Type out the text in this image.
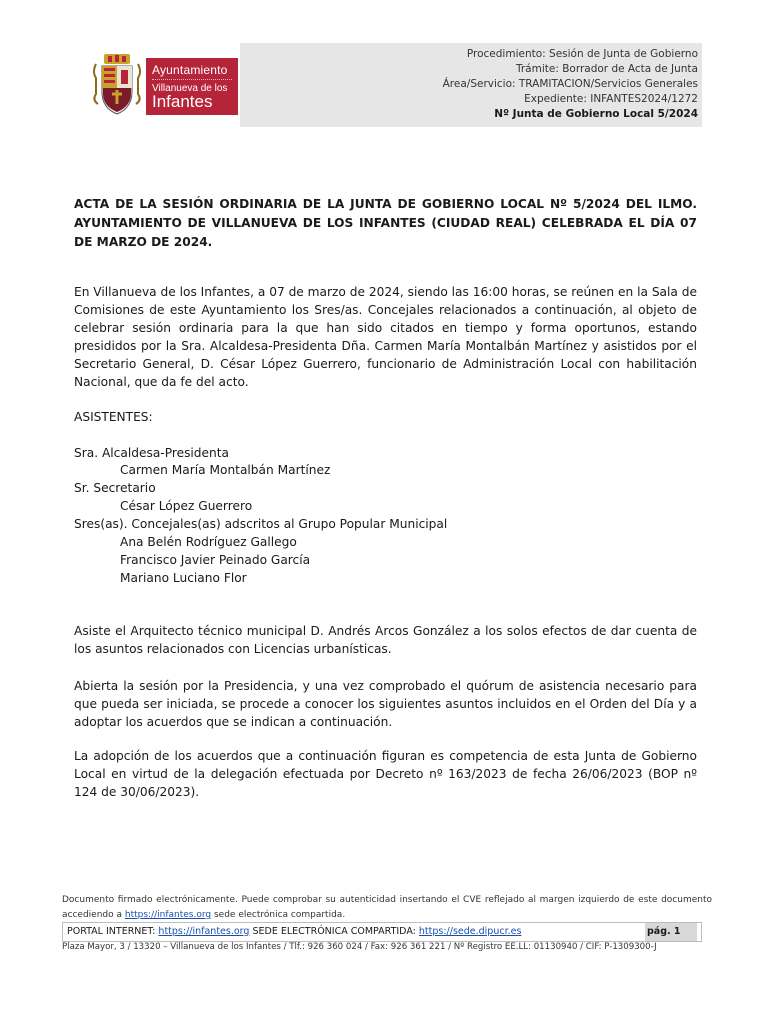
Ayuntamiento
Villanueva de los
Infantes
Procedimiento: Sesión de Junta de Gobierno
Trámite: Borrador de Acta de Junta
Área/Servicio: TRAMITACION/Servicios Generales
Expediente: INFANTES2024/1272
Nº Junta de Gobierno Local 5/2024
ACTA DE LA SESIÓN ORDINARIA DE LA JUNTA DE GOBIERNO LOCAL Nº 5/2024 DEL ILMO. AYUNTAMIENTO DE VILLANUEVA DE LOS INFANTES (CIUDAD REAL) CELEBRADA EL DÍA 07 DE MARZO DE 2024.
En Villanueva de los Infantes, a 07 de marzo de 2024, siendo las 16:00 horas, se reúnen en la Sala de Comisiones de este Ayuntamiento los Sres/as. Concejales relacionados a continuación, al objeto de celebrar sesión ordinaria para la que han sido citados en tiempo y forma oportunos, estando presididos por la Sra. Alcaldesa-Presidenta Dña. Carmen María Montalbán Martínez y asistidos por el Secretario General, D. César López Guerrero, funcionario de Administración Local con habilitación Nacional, que da fe del acto.
ASISTENTES:
Sra. Alcaldesa-Presidenta
Carmen María Montalbán Martínez
Sr. Secretario
César López Guerrero
Sres(as). Concejales(as) adscritos al Grupo Popular Municipal
Ana Belén Rodríguez Gallego
Francisco Javier Peinado García
Mariano Luciano Flor
Asiste el Arquitecto técnico municipal D. Andrés Arcos González a los solos efectos de dar cuenta de los asuntos relacionados con Licencias urbanísticas.
Abierta la sesión por la Presidencia, y una vez comprobado el quórum de asistencia necesario para que pueda ser iniciada, se procede a conocer los siguientes asuntos incluidos en el Orden del Día y a adoptar los acuerdos que se indican a continuación.
La adopción de los acuerdos que a continuación figuran es competencia de esta Junta de Gobierno Local en virtud de la delegación efectuada por Decreto nº 163/2023 de fecha 26/06/2023 (BOP nº 124 de 30/06/2023).
Documento firmado electrónicamente. Puede comprobar su autenticidad insertando el CVE reflejado al margen izquierdo de este documento accediendo a https://infantes.org sede electrónica compartida.
PORTAL INTERNET: https://infantes.org SEDE ELECTRÓNICA COMPARTIDA: https://sede.dipucr.es	pág. 1
Plaza Mayor, 3 / 13320 – Villanueva de los Infantes / Tlf.: 926 360 024 / Fax: 926 361 221 / Nº Registro EE.LL: 01130940 / CIF: P-1309300-J
